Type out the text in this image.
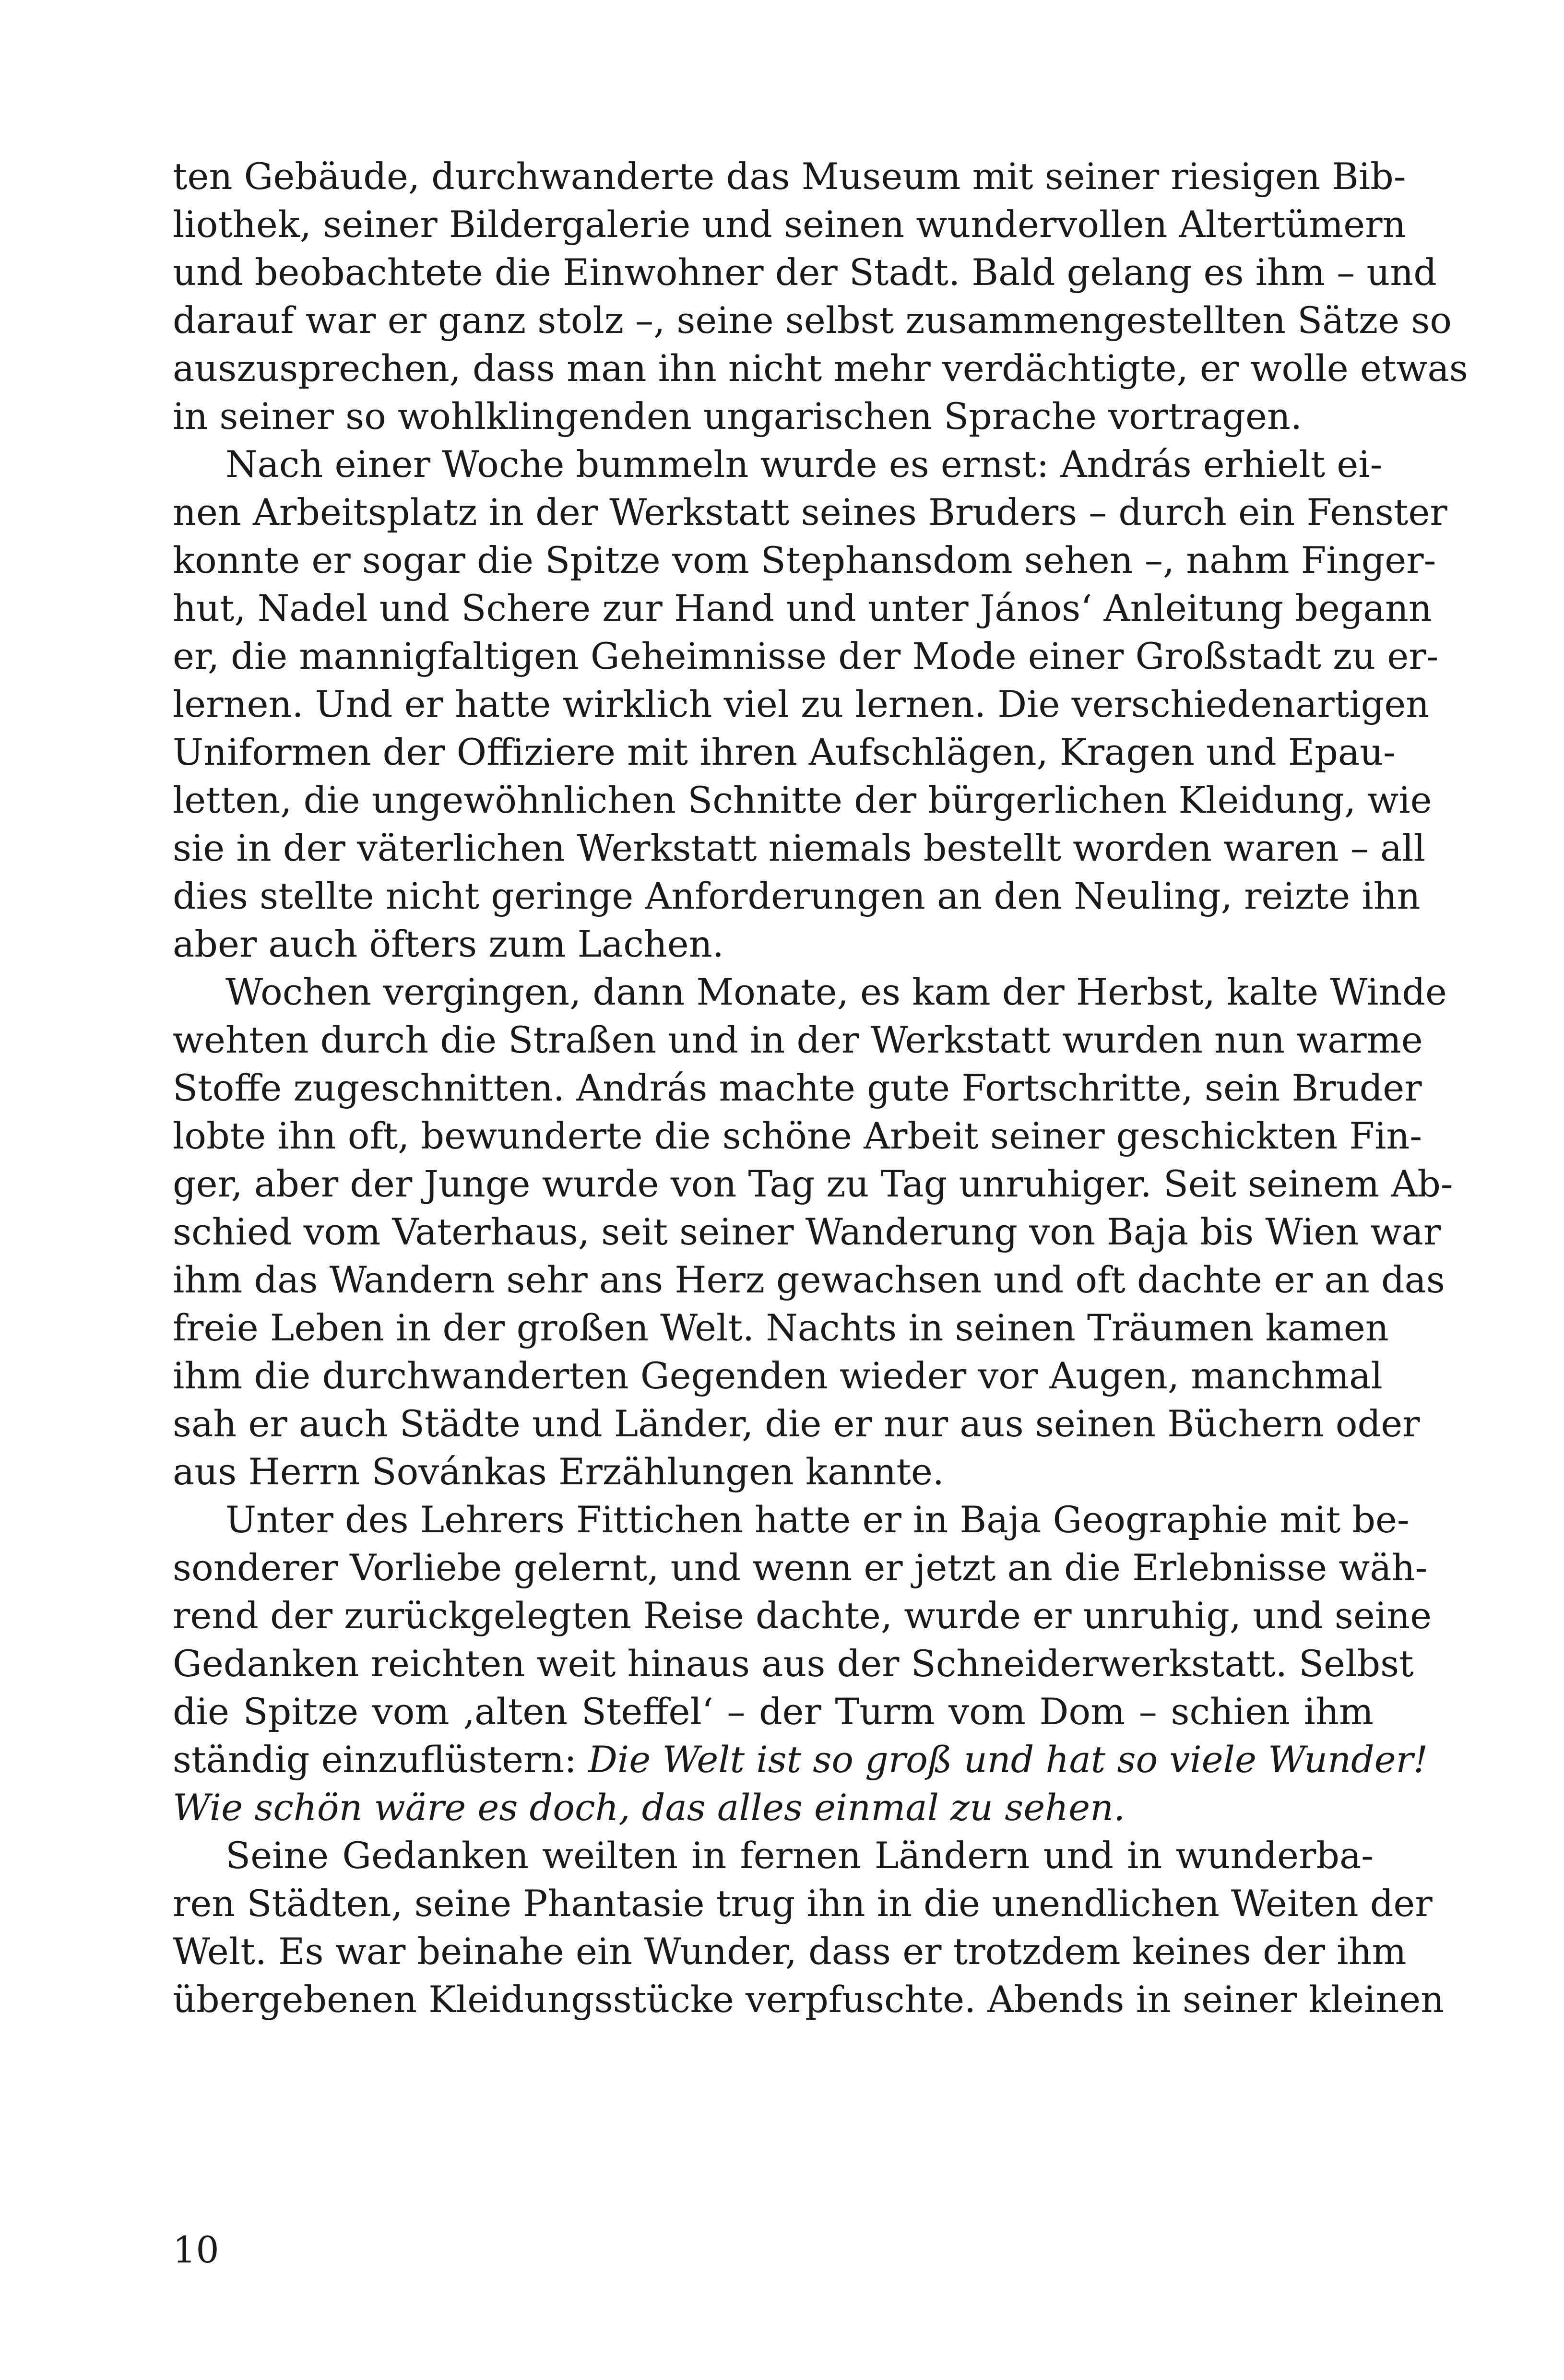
ten Gebäude, durchwanderte das Museum mit seiner riesigen Bib-
liothek, seiner Bildergalerie und seinen wundervollen Altertümern
und beobachtete die Einwohner der Stadt. Bald gelang es ihm – und
darauf war er ganz stolz –, seine selbst zusammengestellten Sätze so
auszusprechen, dass man ihn nicht mehr verdächtigte, er wolle etwas
in seiner so wohlklingenden ungarischen Sprache vortragen.
Nach einer Woche bummeln wurde es ernst: András erhielt ei-
nen Arbeitsplatz in der Werkstatt seines Bruders – durch ein Fenster
konnte er sogar die Spitze vom Stephansdom sehen –, nahm Finger-
hut, Nadel und Schere zur Hand und unter János‘ Anleitung begann
er, die mannigfaltigen Geheimnisse der Mode einer Großstadt zu er-
lernen. Und er hatte wirklich viel zu lernen. Die verschiedenartigen
Uniformen der Offiziere mit ihren Aufschlägen, Kragen und Epau-
letten, die ungewöhnlichen Schnitte der bürgerlichen Kleidung, wie
sie in der väterlichen Werkstatt niemals bestellt worden waren – all
dies stellte nicht geringe Anforderungen an den Neuling, reizte ihn
aber auch öfters zum Lachen.
Wochen vergingen, dann Monate, es kam der Herbst, kalte Winde
wehten durch die Straßen und in der Werkstatt wurden nun warme
Stoffe zugeschnitten. András machte gute Fortschritte, sein Bruder
lobte ihn oft, bewunderte die schöne Arbeit seiner geschickten Fin-
ger, aber der Junge wurde von Tag zu Tag unruhiger. Seit seinem Ab-
schied vom Vaterhaus, seit seiner Wanderung von Baja bis Wien war
ihm das Wandern sehr ans Herz gewachsen und oft dachte er an das
freie Leben in der großen Welt. Nachts in seinen Träumen kamen
ihm die durchwanderten Gegenden wieder vor Augen, manchmal
sah er auch Städte und Länder, die er nur aus seinen Büchern oder
aus Herrn Sovánkas Erzählungen kannte.
Unter des Lehrers Fittichen hatte er in Baja Geographie mit be-
sonderer Vorliebe gelernt, und wenn er jetzt an die Erlebnisse wäh-
rend der zurückgelegten Reise dachte, wurde er unruhig, und seine
Gedanken reichten weit hinaus aus der Schneiderwerkstatt. Selbst
die Spitze vom ‚alten Steffel‘ – der Turm vom Dom – schien ihm
ständig einzuflüstern: Die Welt ist so groß und hat so viele Wunder!
Wie schön wäre es doch, das alles einmal zu sehen.
Seine Gedanken weilten in fernen Ländern und in wunderba-
ren Städten, seine Phantasie trug ihn in die unendlichen Weiten der
Welt. Es war beinahe ein Wunder, dass er trotzdem keines der ihm
übergebenen Kleidungsstücke verpfuschte. Abends in seiner kleinen
10
